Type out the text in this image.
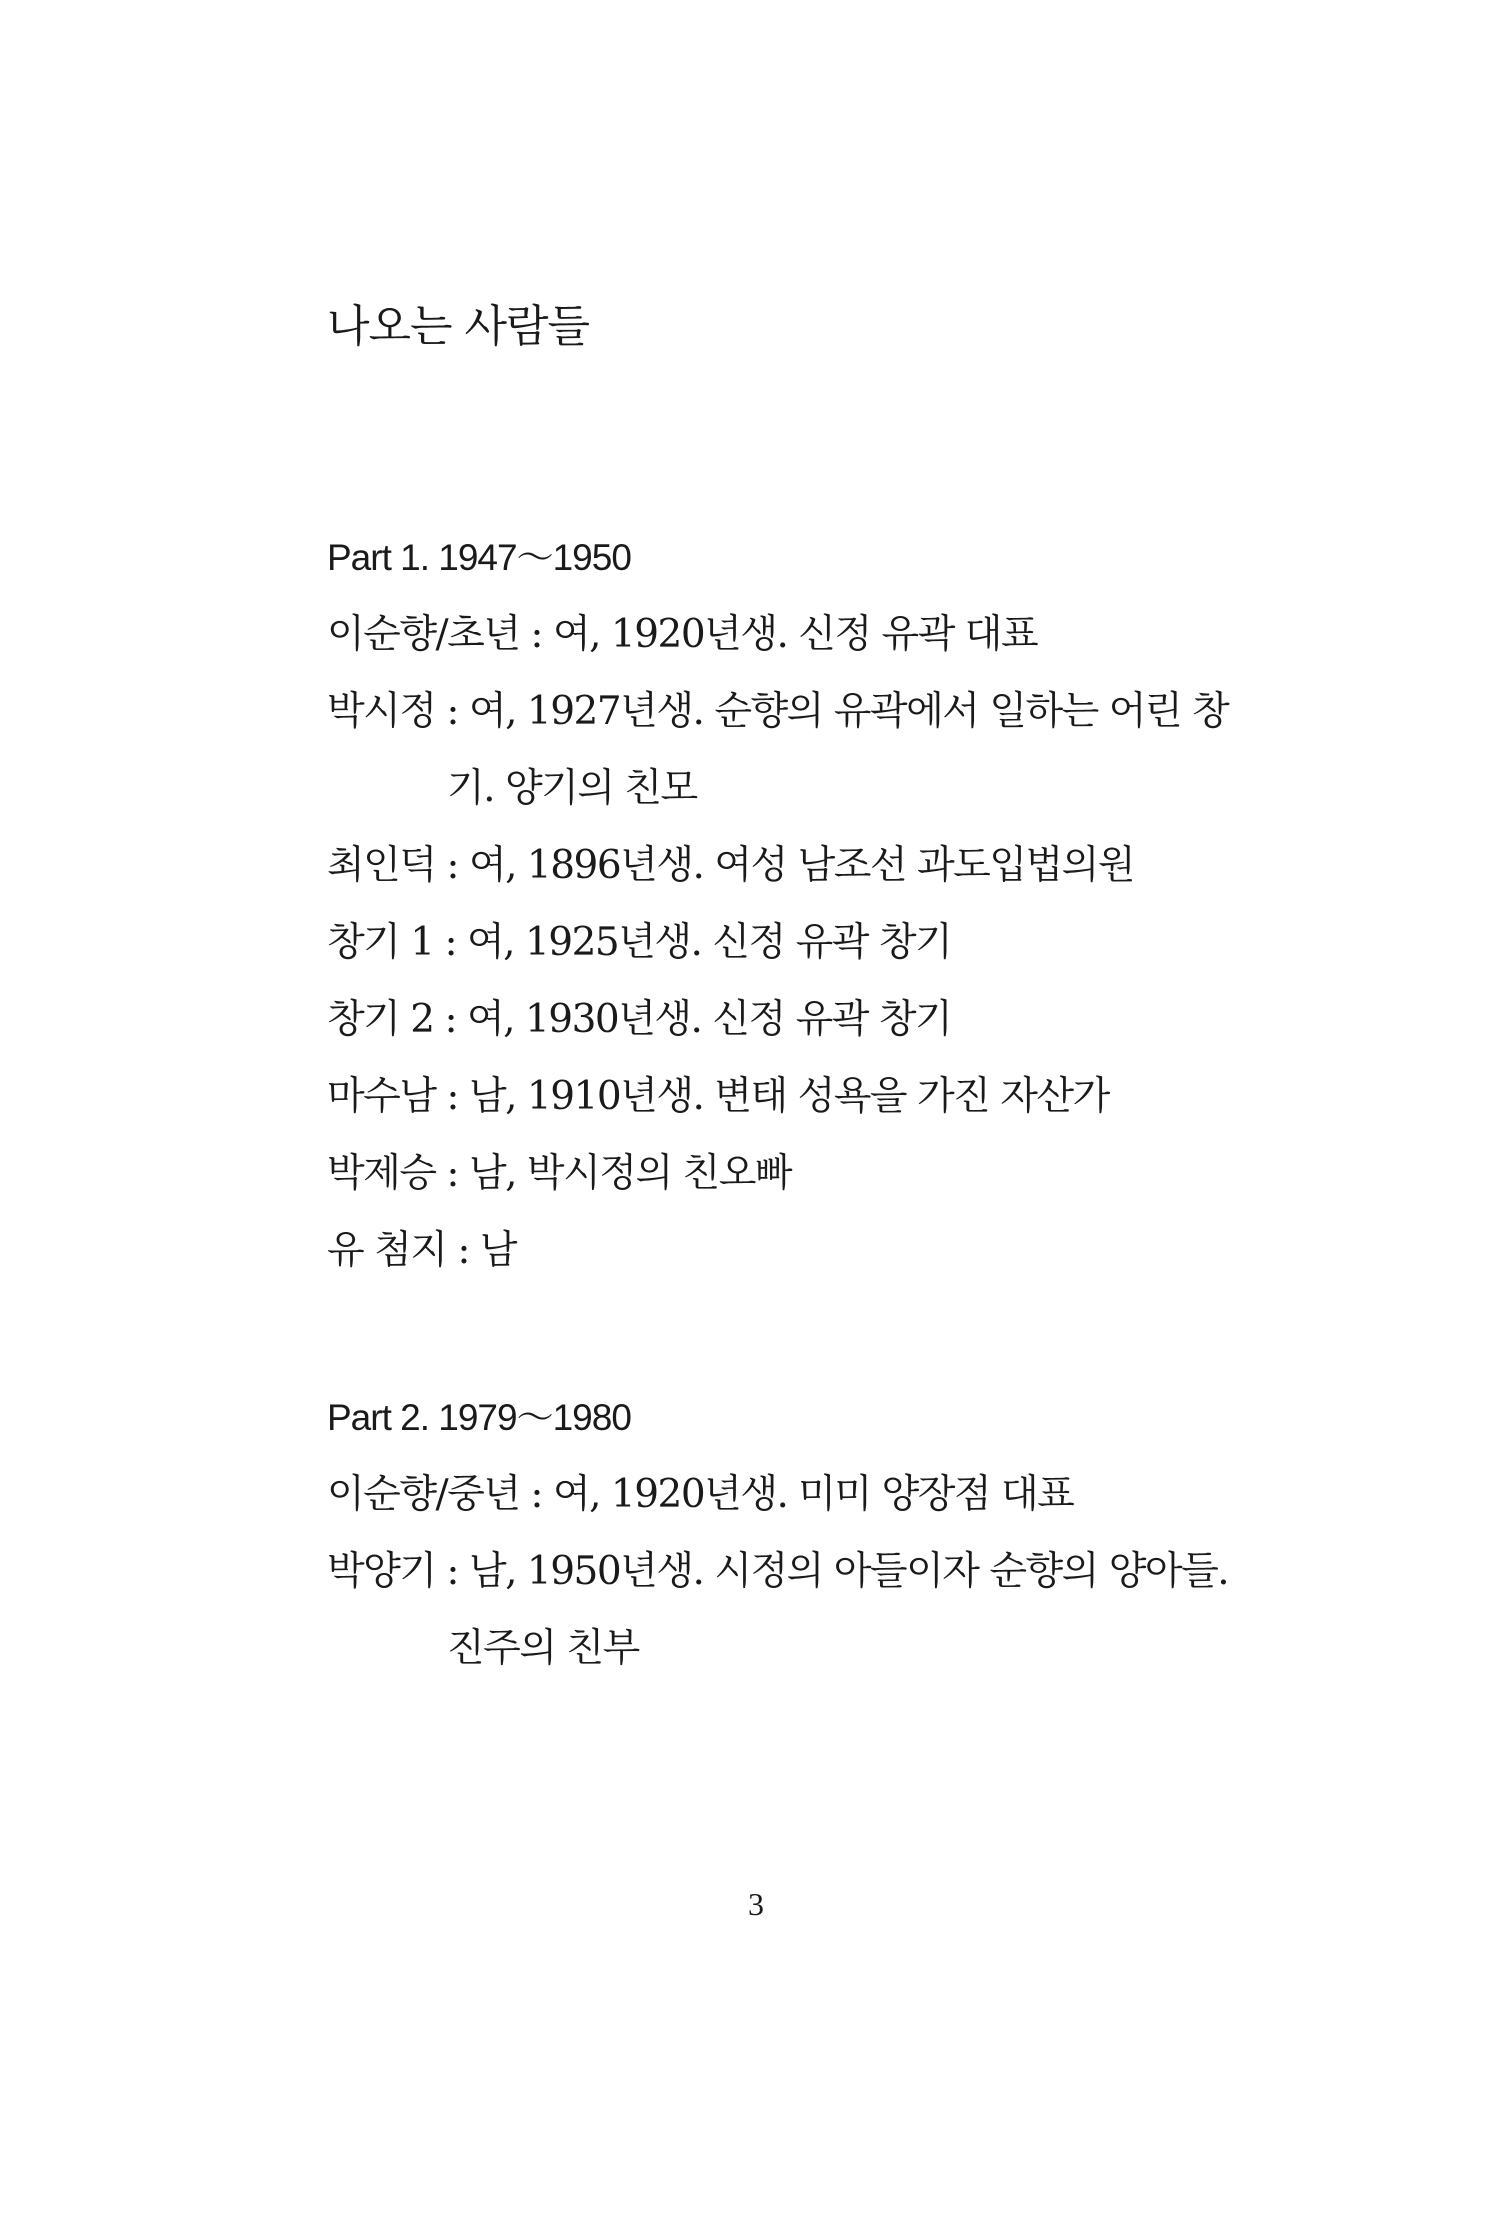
나오는 사람들
Part 1. 1947～1950
이순향/초년 : 여, 1920년생. 신정 유곽 대표
박시정 : 여, 1927년생. 순향의 유곽에서 일하는 어린 창
기. 양기의 친모
최인덕 : 여, 1896년생. 여성 남조선 과도입법의원
창기 1 : 여, 1925년생. 신정 유곽 창기
창기 2 : 여, 1930년생. 신정 유곽 창기
마수남 : 남, 1910년생. 변태 성욕을 가진 자산가
박제승 : 남, 박시정의 친오빠
유 첨지 : 남
Part 2. 1979～1980
이순향/중년 : 여, 1920년생. 미미 양장점 대표
박양기 : 남, 1950년생. 시정의 아들이자 순향의 양아들.
진주의 친부
3
